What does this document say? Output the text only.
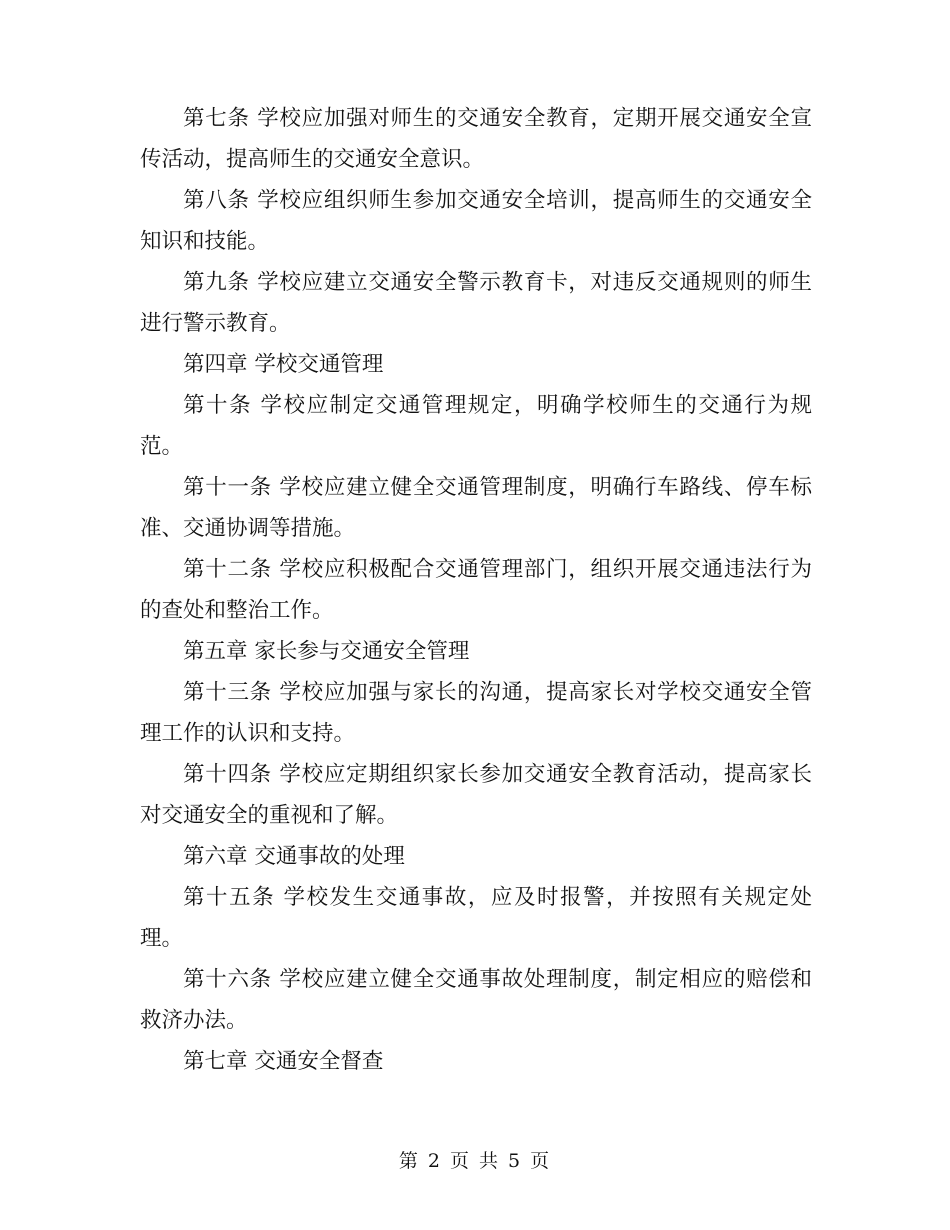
第七条 学校应加强对师生的交通安全教育，定期开展交通安全宣传活动，提高师生的交通安全意识。

第八条 学校应组织师生参加交通安全培训，提高师生的交通安全知识和技能。

第九条 学校应建立交通安全警示教育卡，对违反交通规则的师生进行警示教育。

第四章 学校交通管理

第十条 学校应制定交通管理规定，明确学校师生的交通行为规范。

第十一条 学校应建立健全交通管理制度，明确行车路线、停车标准、交通协调等措施。

第十二条 学校应积极配合交通管理部门，组织开展交通违法行为的查处和整治工作。

第五章 家长参与交通安全管理

第十三条 学校应加强与家长的沟通，提高家长对学校交通安全管理工作的认识和支持。

第十四条 学校应定期组织家长参加交通安全教育活动，提高家长对交通安全的重视和了解。

第六章 交通事故的处理

第十五条 学校发生交通事故，应及时报警，并按照有关规定处理。

第十六条 学校应建立健全交通事故处理制度，制定相应的赔偿和救济办法。

第七章 交通安全督查

第 2 页 共 5 页
